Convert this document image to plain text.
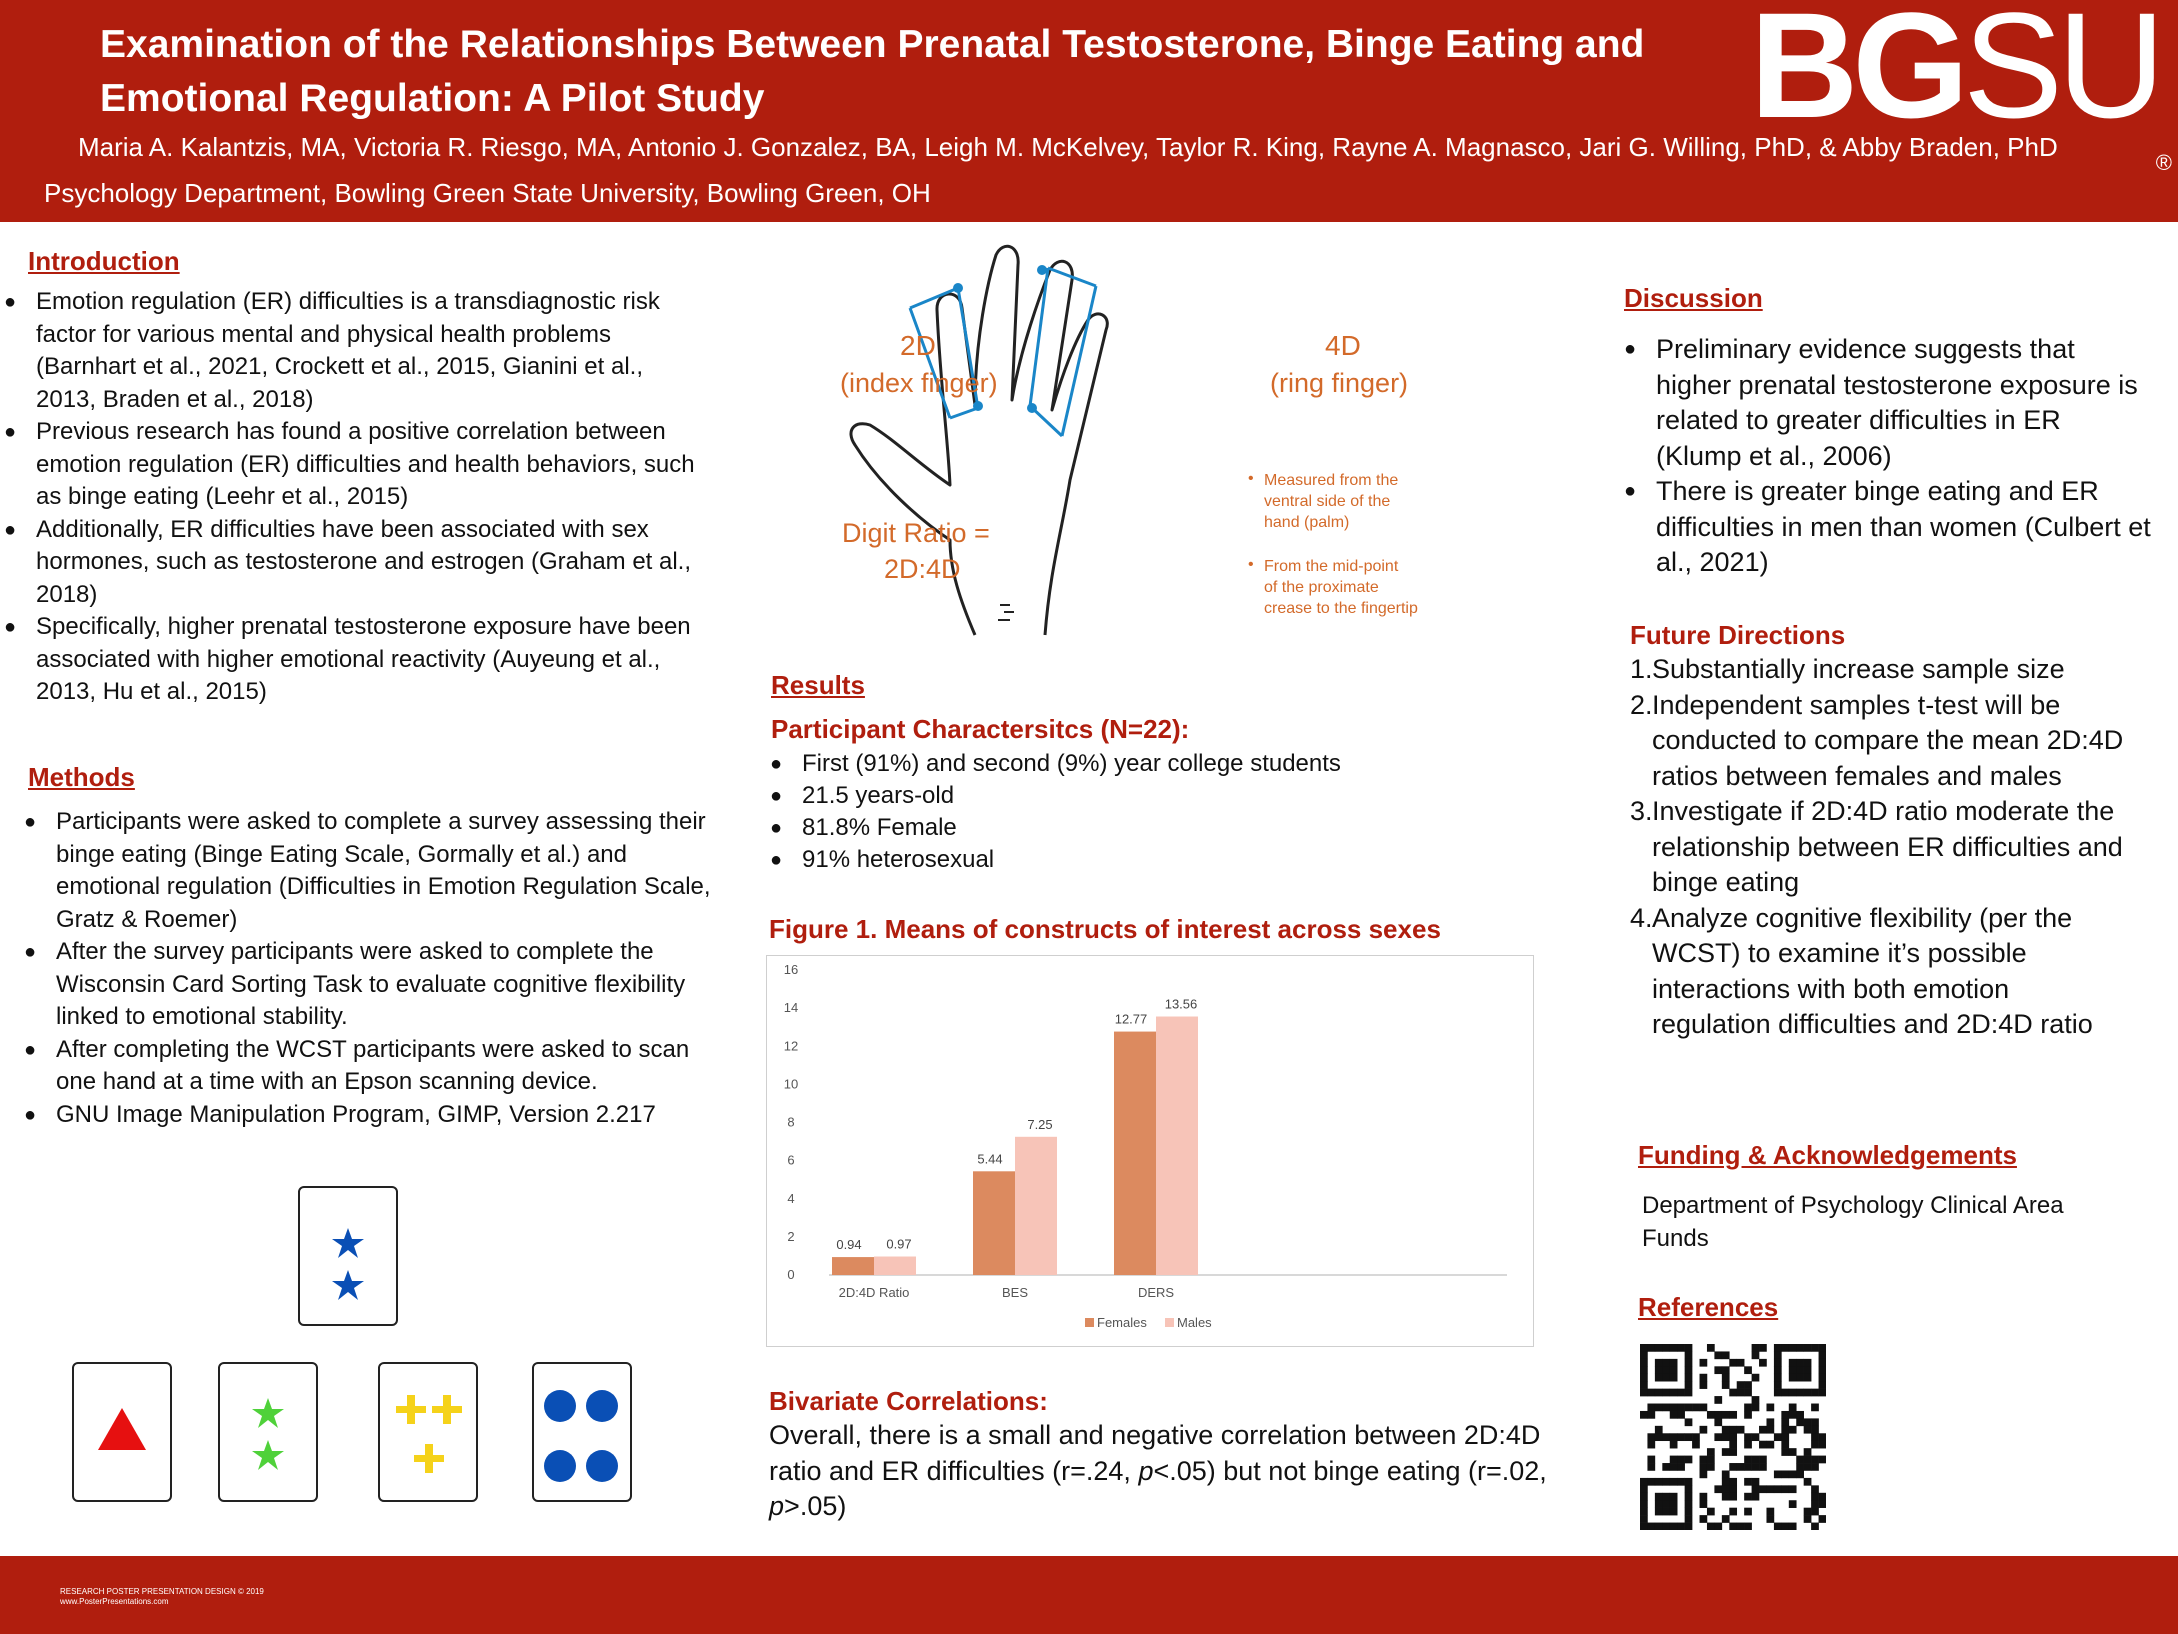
Examination of the Relationships Between Prenatal Testosterone, Binge Eating and Emotional Regulation: A Pilot Study
Maria A. Kalantzis, MA, Victoria R. Riesgo, MA, Antonio J. Gonzalez, BA, Leigh M. McKelvey, Taylor R. King, Rayne A. Magnasco, Jari G. Willing, PhD, & Abby Braden, PhD
Psychology Department, Bowling Green State University, Bowling Green, OH
BGSU
®
Introduction
● Emotion regulation (ER) difficulties is a transdiagnostic risk factor for various mental and physical health problems (Barnhart et al., 2021, Crockett et al., 2015, Gianini et al., 2013, Braden et al., 2018)
● Previous research has found a positive correlation between emotion regulation (ER) difficulties and health behaviors, such as binge eating (Leehr et al., 2015)
● Additionally, ER difficulties have been associated with sex hormones, such as testosterone and estrogen (Graham et al., 2018)
● Specifically, higher prenatal testosterone exposure have been associated with higher emotional reactivity (Auyeung et al., 2013, Hu et al., 2015)
Methods
● Participants were asked to complete a survey assessing their binge eating (Binge Eating Scale, Gormally et al.) and emotional regulation (Difficulties in Emotion Regulation Scale, Gratz & Roemer)
● After the survey participants were asked to complete the Wisconsin Card Sorting Task to evaluate cognitive flexibility linked to emotional stability.
● After completing the WCST participants were asked to scan one hand at a time with an Epson scanning device.
● GNU Image Manipulation Program, GIMP, Version 2.217
2D
(index finger)
4D
(ring finger)
Digit Ratio =
2D:4D
• Measured from the
ventral side of the
hand (palm)
• From the mid-point
of the proximate
crease to the fingertip
Results
Participant Charactersitcs (N=22):
● First (91%) and second (9%) year college students
● 21.5 years-old
● 81.8% Female
● 91% heterosexual
Figure 1. Means of constructs of interest across sexes
0
2
4
6
8
10
12
14
16
0.94 0.97
2D:4D Ratio
5.44
7.25
BES
12.77
13.56
DERS
Females Males
Bivariate Correlations:
Overall, there is a small and negative correlation between 2D:4D ratio and ER difficulties (r=.24, p<.05) but not binge eating (r=.02, p>.05)
Discussion
● Preliminary evidence suggests that higher prenatal testosterone exposure is related to greater difficulties in ER (Klump et al., 2006)
● There is greater binge eating and ER difficulties in men than women (Culbert et al., 2021)
Future Directions
1. Substantially increase sample size
2. Independent samples t-test will be conducted to compare the mean 2D:4D ratios between females and males
3. Investigate if 2D:4D ratio moderate the relationship between ER difficulties and binge eating
4. Analyze cognitive flexibility (per the WCST) to examine it’s possible interactions with both emotion regulation difficulties and 2D:4D ratio
Funding & Acknowledgements
Department of Psychology Clinical Area Funds
References
RESEARCH POSTER PRESENTATION DESIGN © 2019
www.PosterPresentations.com
